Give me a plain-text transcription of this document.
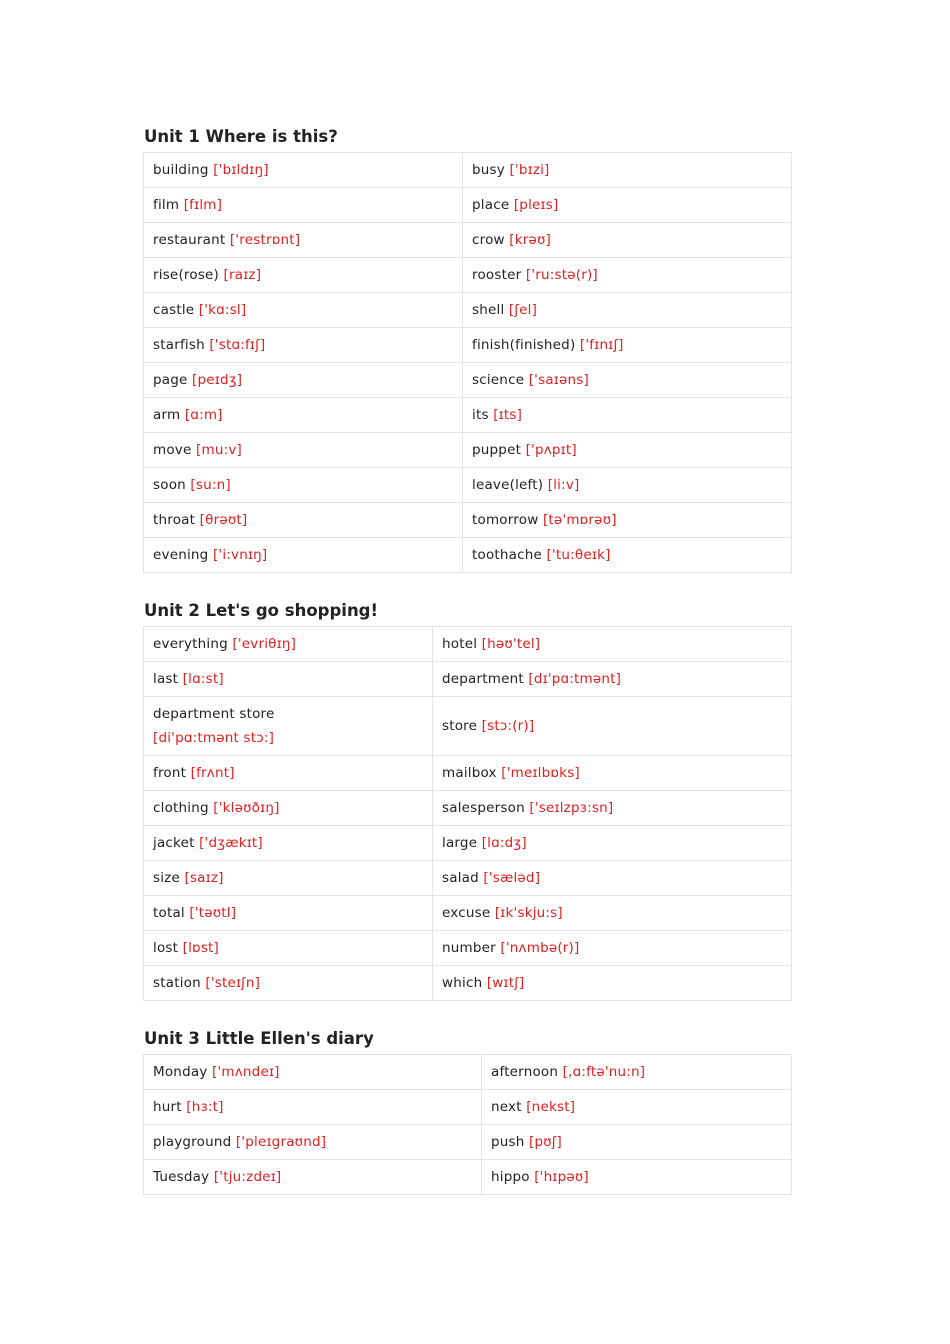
Unit 1 Where is this?
building ['bɪldɪŋ]	busy ['bɪzi]
film [fɪlm]	place [pleɪs]
restaurant ['restrɒnt]	crow [krəʊ]
rise(rose) [raɪz]	rooster ['ru:stə(r)]
castle ['kɑ:sl]	shell [ʃel]
starfish ['stɑ:fɪʃ]	finish(finished) ['fɪnɪʃ]
page [peɪdʒ]	science ['saɪəns]
arm [ɑ:m]	its [ɪts]
move [mu:v]	puppet ['pʌpɪt]
soon [su:n]	leave(left) [li:v]
throat [θrəʊt]	tomorrow [tə'mɒrəʊ]
evening ['i:vnɪŋ]	toothache ['tu:θeɪk]
Unit 2 Let's go shopping!
everything ['evriθɪŋ]	hotel [həʊ'tel]
last [lɑ:st]	department [dɪ'pɑ:tmənt]
department store
[di'pɑ:tmənt stɔ:]	store [stɔ:(r)]
front [frʌnt]	mailbox ['meɪlbɒks]
clothing ['kləʊðɪŋ]	salesperson ['seɪlzpɜ:sn]
jacket ['dʒækɪt]	large [lɑ:dʒ]
size [saɪz]	salad ['sæləd]
total ['təʊtl]	excuse [ɪk'skju:s]
lost [lɒst]	number ['nʌmbə(r)]
station ['steɪʃn]	which [wɪtʃ]
Unit 3 Little Ellen's diary
Monday ['mʌndeɪ]	afternoon [,ɑ:ftə'nu:n]
hurt [hɜ:t]	next [nekst]
playground ['pleɪgraʊnd]	push [pʊʃ]
Tuesday ['tju:zdeɪ]	hippo ['hɪpəʊ]
